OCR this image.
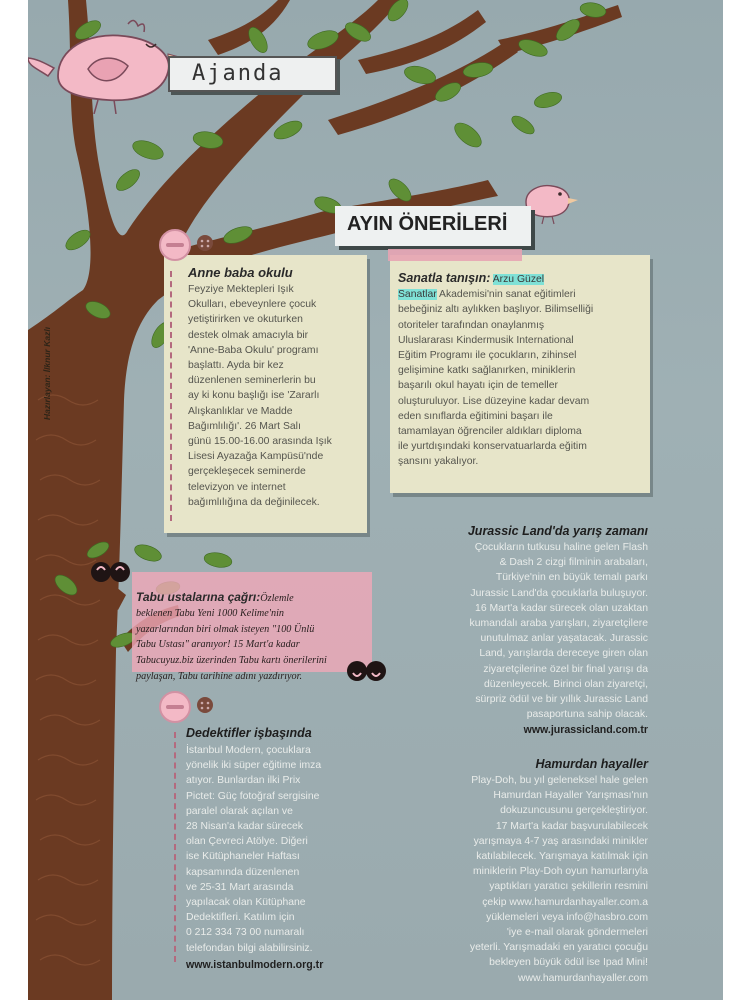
Hazırlayan: İlknur Kazlı
Ajanda
AYIN ÖNERİLERİ
Anne baba okulu
Feyziye Mektepleri Işık
Okulları, ebeveynlere çocuk
yetiştirirken ve okuturken
destek olmak amacıyla bir
'Anne-Baba Okulu' programı
başlattı. Ayda bir kez
düzenlenen seminerlerin bu
ay ki konu başlığı ise 'Zararlı
Alışkanlıklar ve Madde
Bağımlılığı'. 26 Mart Salı
günü 15.00-16.00 arasında Işık
Lisesi Ayazağa Kampüsü'nde
gerçekleşecek seminerde
televizyon ve internet
bağımlılığına da değinilecek.
Sanatla tanışın: Arzu Güzel
Sanatlar Akademisi'nin sanat eğitimleri
bebeğiniz altı aylıkken başlıyor. Bilimselliği
otoriteler tarafından onaylanmış
Uluslararası Kindermusik International
Eğitim Programı ile çocukların, zihinsel
gelişimine katkı sağlanırken, miniklerin
başarılı okul hayatı için de temeller
oluşturuluyor. Lise düzeyine kadar devam
eden sınıflarda eğitimini başarı ile
tamamlayan öğrenciler aldıkları diploma
ile yurtdışındaki konservatuarlarda eğitim
şansını yakalıyor.

Tabu ustalarına çağrı:Özlemle
beklenen Tabu Yeni 1000 Kelime'nin
yazarlarından biri olmak isteyen "100 Ünlü
Tabu Ustası" aranıyor! 15 Mart'a kadar
Tabucuyuz.biz üzerinden Tabu kartı önerilerini
paylaşan, Tabu tarihine adını yazdırıyor.

Dedektifler işbaşında
İstanbul Modern, çocuklara
yönelik iki süper eğitime imza
atıyor. Bunlardan ilki Prix
Pictet: Güç fotoğraf sergisine
paralel olarak açılan ve
28 Nisan'a kadar sürecek
olan Çevreci Atölye. Diğeri
ise Kütüphaneler Haftası
kapsamında düzenlenen
ve 25-31 Mart arasında
yapılacak olan Kütüphane
Dedektifleri. Katılım için
0 212 334 73 00 numaralı
telefondan bilgi alabilirsiniz.
www.istanbulmodern.org.tr
Jurassic Land'da yarış zamanı
Çocukların tutkusu haline gelen Flash
& Dash 2 cizgi filminin arabaları,
Türkiye'nin en büyük temalı parkı
Jurassic Land'da çocuklarla buluşuyor.
16 Mart'a kadar sürecek olan uzaktan
kumandalı araba yarışları, ziyaretçilere
unutulmaz anlar yaşatacak. Jurassic
Land, yarışlarda dereceye giren olan
ziyaretçilerine özel bir final yarışı da
düzenleyecek. Birinci olan ziyaretçi,
sürpriz ödül ve bir yıllık Jurassic Land
pasaportuna sahip olacak.
www.jurassicland.com.tr
Hamurdan hayaller
Play-Doh, bu yıl geleneksel hale gelen
Hamurdan Hayaller Yarışması'nın
dokuzuncusunu gerçekleştiriyor.
17 Mart'a kadar başvurulabilecek
yarışmaya 4-7 yaş arasındaki minikler
katılabilecek. Yarışmaya katılmak için
miniklerin Play-Doh oyun hamurlarıyla
yaptıkları yaratıcı şekillerin resmini
çekip www.hamurdanhayaller.com.a
yüklemeleri veya info@hasbro.com
'iye e-mail olarak göndermeleri
yeterli. Yarışmadaki en yaratıcı çocuğu
bekleyen büyük ödül ise Ipad Mini!
www.hamurdanhayaller.com
